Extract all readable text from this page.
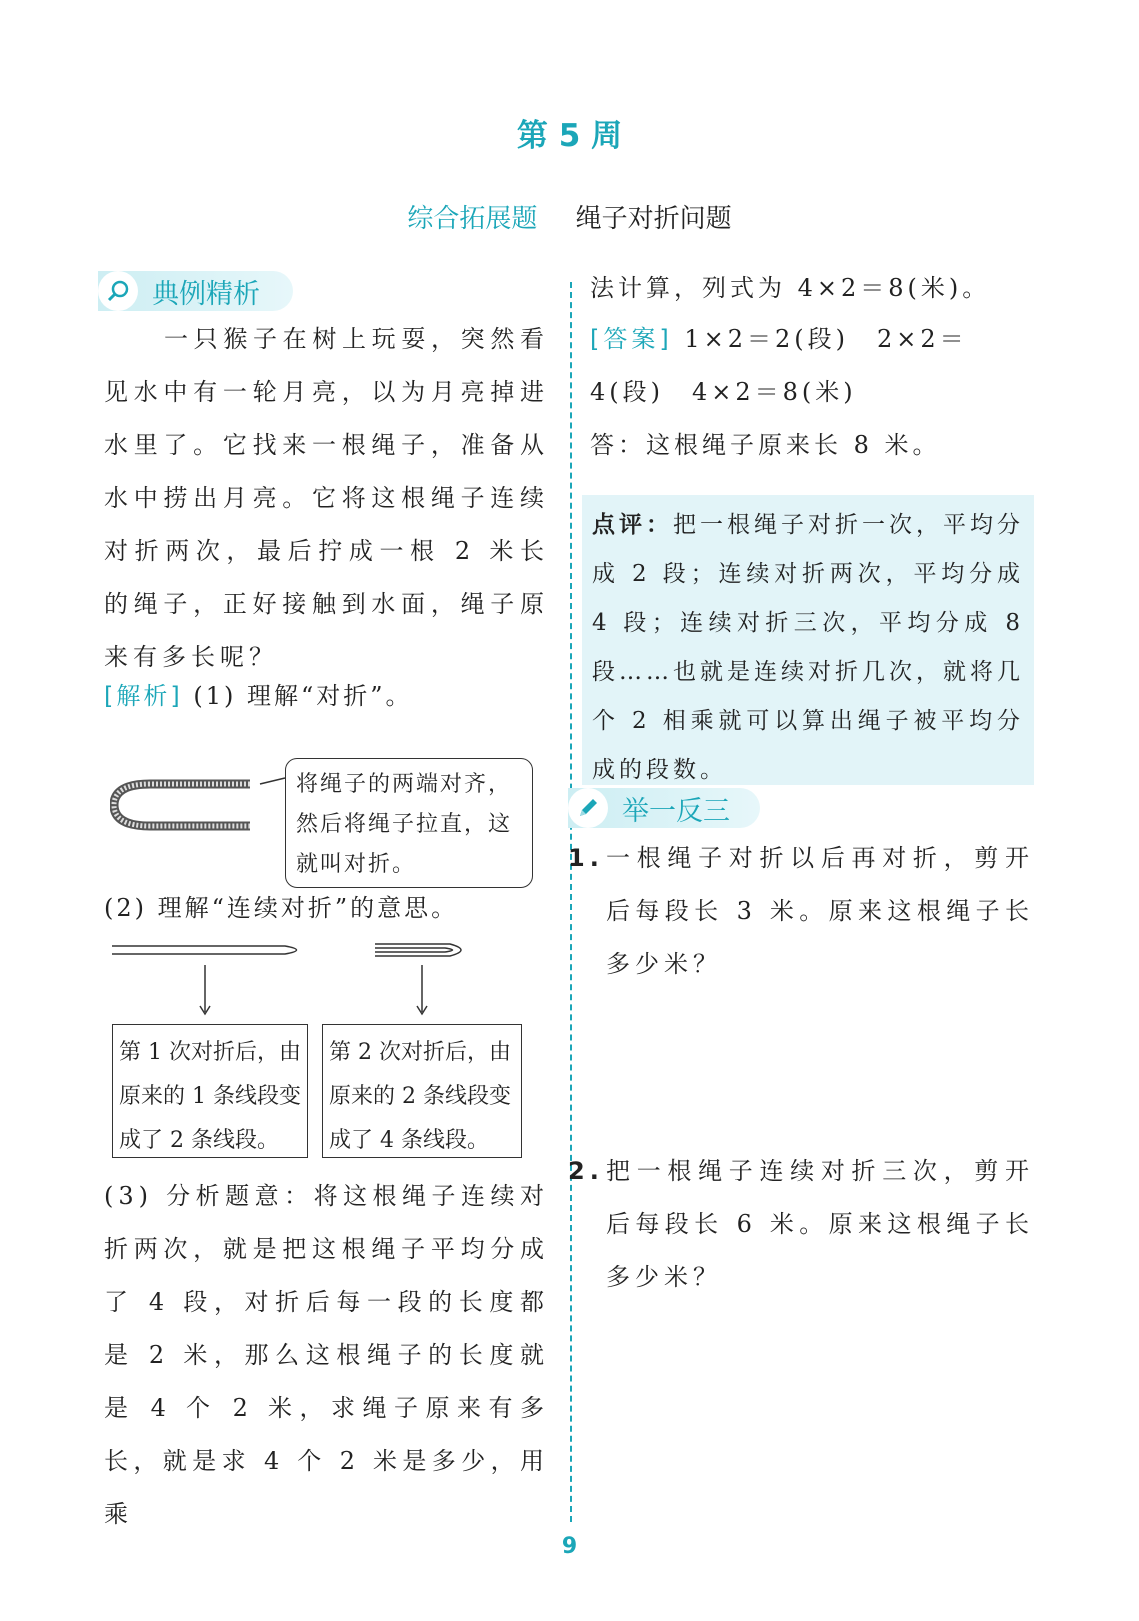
第 5 周
综合拓展题 绳子对折问题
典例精析

一只猴子在树上玩耍，突然看见水中有一轮月亮，以为月亮掉进水里了。它找来一根绳子，准备从水中捞出月亮。它将这根绳子连续对折两次，最后拧成一根 2 米长的绳子，正好接触到水面，绳子原来有多长呢？

[解析] (1) 理解“对折”。
将绳子的两端对齐，然后将绳子拉直，这就叫对折。
(2) 理解“连续对折”的意思。
第 1 次对折后，由原来的 1 条线段变成了 2 条线段。
第 2 次对折后，由原来的 2 条线段变成了 4 条线段。

(3) 分析题意：将这根绳子连续对折两次，就是把这根绳子平均分成了 4 段，对折后每一段的长度都是 2 米，那么这根绳子的长度就是 4 个 2 米，求绳子原来有多长，就是求 4 个 2 米是多少，用乘

法计算，列式为 4×2＝8(米)。
[答案] 1×2＝2(段)　2×2＝4(段)　4×2＝8(米)
答：这根绳子原来长 8 米。
点评：把一根绳子对折一次，平均分成 2 段；连续对折两次，平均分成 4 段；连续对折三次，平均分成 8 段……也就是连续对折几次，就将几个 2 相乘就可以算出绳子被平均分成的段数。
举一反三
1. 一根绳子对折以后再对折，剪开后每段长 3 米。原来这根绳子长多少米？
2. 把一根绳子连续对折三次，剪开后每段长 6 米。原来这根绳子长多少米？
9
